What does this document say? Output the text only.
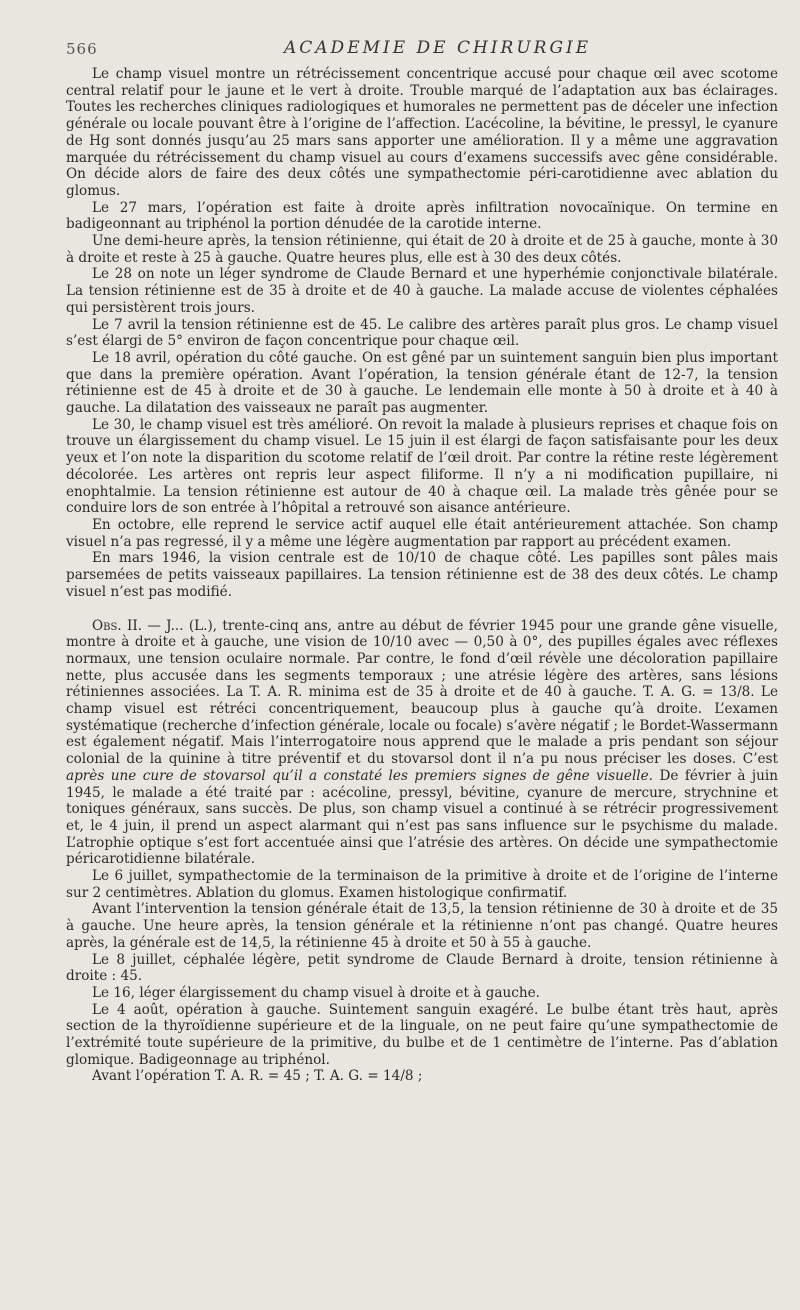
566	ACADEMIE DE CHIRURGIE

Le champ visuel montre un rétrécissement concentrique accusé pour chaque œil avec scotome central relatif pour le jaune et le vert à droite. Trouble marqué de l’adaptation aux bas éclairages. Toutes les recherches cliniques radiologiques et humorales ne permettent pas de déceler une infection générale ou locale pouvant être à l’origine de l’affection. L’acécoline, la bévitine, le pressyl, le cyanure de Hg sont donnés jusqu’au 25 mars sans apporter une amélioration. Il y a même une aggravation marquée du rétrécissement du champ visuel au cours d’examens successifs avec gêne considérable. On décide alors de faire des deux côtés une sympathectomie péri-carotidienne avec ablation du glomus.

Le 27 mars, l’opération est faite à droite après infiltration novocaïnique. On termine en badigeonnant au triphénol la portion dénudée de la carotide interne.

Une demi-heure après, la tension rétinienne, qui était de 20 à droite et de 25 à gauche, monte à 30 à droite et reste à 25 à gauche. Quatre heures plus, elle est à 30 des deux côtés.

Le 28 on note un léger syndrome de Claude Bernard et une hyperhémie conjonctivale bilatérale. La tension rétinienne est de 35 à droite et de 40 à gauche. La malade accuse de violentes céphalées qui persistèrent trois jours.

Le 7 avril la tension rétinienne est de 45. Le calibre des artères paraît plus gros. Le champ visuel s’est élargi de 5° environ de façon concentrique pour chaque œil.

Le 18 avril, opération du côté gauche. On est gêné par un suintement sanguin bien plus important que dans la première opération. Avant l’opération, la tension générale étant de 12-7, la tension rétinienne est de 45 à droite et de 30 à gauche. Le lendemain elle monte à 50 à droite et à 40 à gauche. La dilatation des vaisseaux ne paraît pas augmenter.

Le 30, le champ visuel est très amélioré. On revoit la malade à plusieurs reprises et chaque fois on trouve un élargissement du champ visuel. Le 15 juin il est élargi de façon satisfaisante pour les deux yeux et l’on note la disparition du scotome relatif de l’œil droit. Par contre la rétine reste légèrement décolorée. Les artères ont repris leur aspect filiforme. Il n’y a ni modification pupillaire, ni enophtalmie. La tension rétinienne est autour de 40 à chaque œil. La malade très gênée pour se conduire lors de son entrée à l’hôpital a retrouvé son aisance antérieure.

En octobre, elle reprend le service actif auquel elle était antérieurement attachée. Son champ visuel n’a pas regressé, il y a même une légère augmentation par rapport au précédent examen.

En mars 1946, la vision centrale est de 10/10 de chaque côté. Les papilles sont pâles mais parsemées de petits vaisseaux papillaires. La tension rétinienne est de 38 des deux côtés. Le champ visuel n’est pas modifié.

Obs. II. — J... (L.), trente-cinq ans, antre au début de février 1945 pour une grande gêne visuelle, montre à droite et à gauche, une vision de 10/10 avec — 0,50 à 0°, des pupilles égales avec réflexes normaux, une tension oculaire normale. Par contre, le fond d’œil révèle une décoloration papillaire nette, plus accusée dans les segments temporaux ; une atrésie légère des artères, sans lésions rétiniennes associées. La T. A. R. minima est de 35 à droite et de 40 à gauche. T. A. G. = 13/8. Le champ visuel est rétréci concentriquement, beaucoup plus à gauche qu’à droite. L’examen systématique (recherche d’infection générale, locale ou focale) s’avère négatif ; le Bordet-Wassermann est également négatif. Mais l’interrogatoire nous apprend que le malade a pris pendant son séjour colonial de la quinine à titre préventif et du stovarsol dont il n’a pu nous préciser les doses. C’est après une cure de stovarsol qu’il a constaté les premiers signes de gêne visuelle. De février à juin 1945, le malade a été traité par : acécoline, pressyl, bévitine, cyanure de mercure, strychnine et toniques généraux, sans succès. De plus, son champ visuel a continué à se rétrécir progressivement et, le 4 juin, il prend un aspect alarmant qui n’est pas sans influence sur le psychisme du malade. L’atrophie optique s’est fort accentuée ainsi que l’atrésie des artères. On décide une sympathectomie péricarotidienne bilatérale.

Le 6 juillet, sympathectomie de la terminaison de la primitive à droite et de l’origine de l’interne sur 2 centimètres. Ablation du glomus. Examen histologique confirmatif.

Avant l’intervention la tension générale était de 13,5, la tension rétinienne de 30 à droite et de 35 à gauche. Une heure après, la tension générale et la rétinienne n’ont pas changé. Quatre heures après, la générale est de 14,5, la rétinienne 45 à droite et 50 à 55 à gauche.

Le 8 juillet, céphalée légère, petit syndrome de Claude Bernard à droite, tension rétinienne à droite : 45.

Le 16, léger élargissement du champ visuel à droite et à gauche.

Le 4 août, opération à gauche. Suintement sanguin exagéré. Le bulbe étant très haut, après section de la thyroïdienne supérieure et de la linguale, on ne peut faire qu’une sympathectomie de l’extrémité toute supérieure de la primitive, du bulbe et de 1 centimètre de l’interne. Pas d’ablation glomique. Badigeonnage au triphénol.

Avant l’opération T. A. R. = 45 ; T. A. G. = 14/8 ;
